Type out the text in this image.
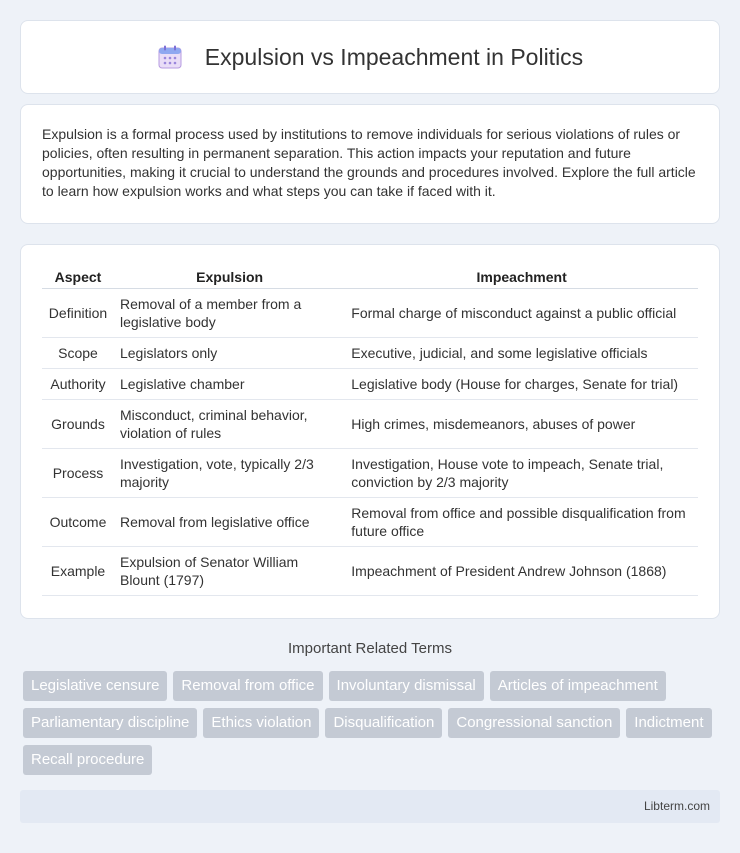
Expulsion vs Impeachment in Politics

Expulsion is a formal process used by institutions to remove individuals for serious violations of rules or policies, often resulting in permanent separation. This action impacts your reputation and future opportunities, making it crucial to understand the grounds and procedures involved. Explore the full article to learn how expulsion works and what steps you can take if faced with it.

Aspect	Expulsion	Impeachment
Definition	Removal of a member from a legislative body	Formal charge of misconduct against a public official
Scope	Legislators only	Executive, judicial, and some legislative officials
Authority	Legislative chamber	Legislative body (House for charges, Senate for trial)
Grounds	Misconduct, criminal behavior, violation of rules	High crimes, misdemeanors, abuses of power
Process	Investigation, vote, typically 2/3 majority	Investigation, House vote to impeach, Senate trial, conviction by 2/3 majority
Outcome	Removal from legislative office	Removal from office and possible disqualification from future office
Example	Expulsion of Senator William Blount (1797)	Impeachment of President Andrew Johnson (1868)
Important Related Terms
Legislative censure	Removal from office	Involuntary dismissal	Articles of impeachment
Parliamentary discipline	Ethics violation	Disqualification	Congressional sanction	Indictment
Recall procedure
Libterm.com
